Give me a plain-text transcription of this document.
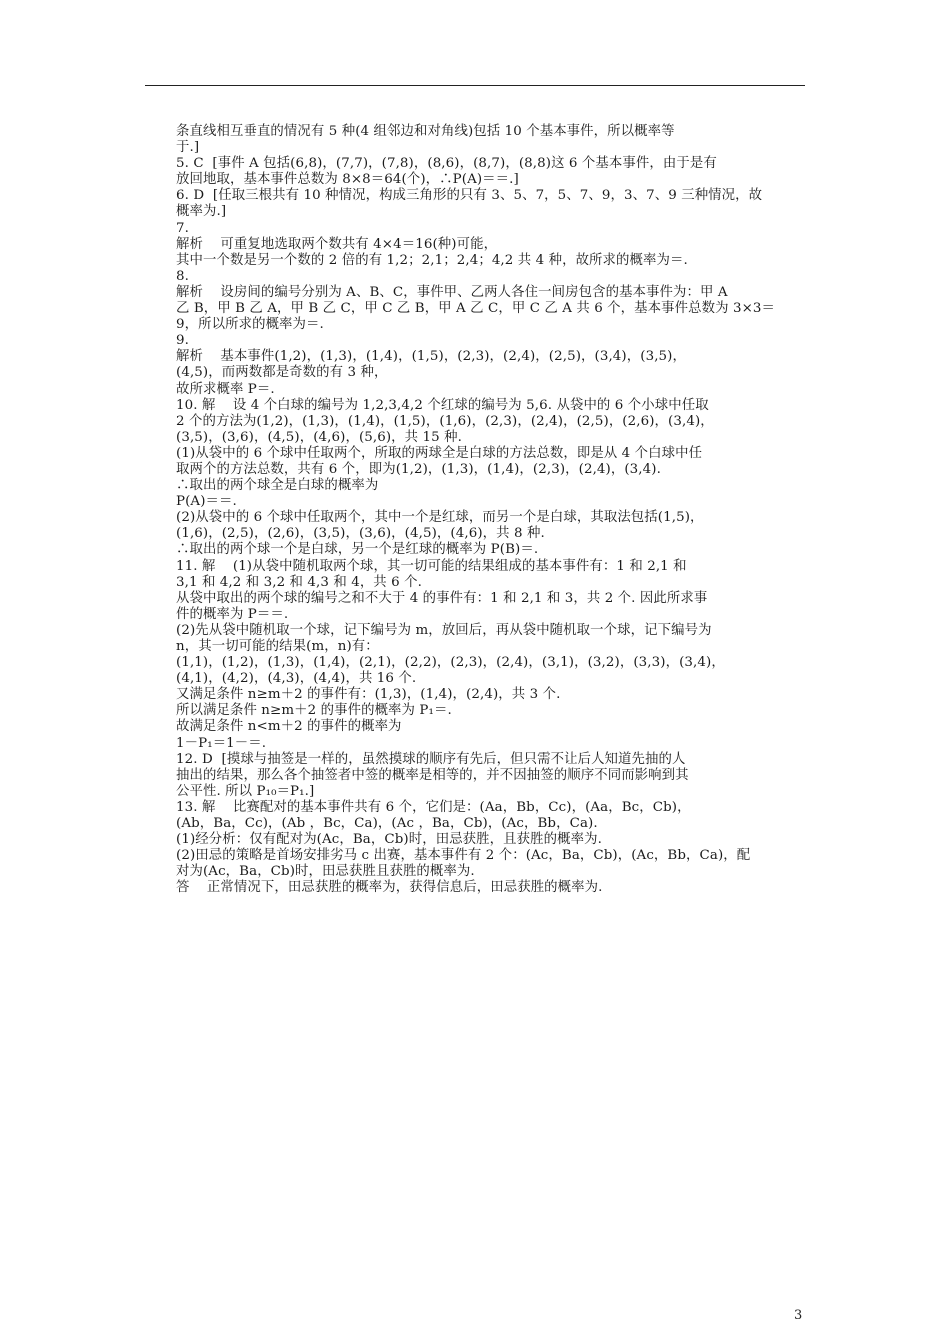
条直线相互垂直的情况有 5 种(4 组邻边和对角线)包括 10 个基本事件，所以概率等
于.]
5. C  [事件 A 包括(6,8)，(7,7)，(7,8)，(8,6)，(8,7)，(8,8)这 6 个基本事件，由于是有
放回地取，基本事件总数为 8×8＝64(个)，∴P(A)＝＝.]
6. D  [任取三根共有 10 种情况，构成三角形的只有 3、5、7，5、7、9，3、7、9 三种情况，故
概率为.]
7.
解析    可重复地选取两个数共有 4×4＝16(种)可能，
其中一个数是另一个数的 2 倍的有 1,2；2,1；2,4；4,2 共 4 种，故所求的概率为＝.
8.
解析    设房间的编号分别为 A、B、C，事件甲、乙两人各住一间房包含的基本事件为：甲 A
乙 B，甲 B 乙 A，甲 B 乙 C，甲 C 乙 B，甲 A 乙 C，甲 C 乙 A 共 6 个，基本事件总数为 3×3＝
9，所以所求的概率为＝.
9.
解析    基本事件(1,2)，(1,3)，(1,4)，(1,5)，(2,3)，(2,4)，(2,5)，(3,4)，(3,5)，
(4,5)，而两数都是奇数的有 3 种，
故所求概率 P＝.
10. 解    设 4 个白球的编号为 1,2,3,4,2 个红球的编号为 5,6. 从袋中的 6 个小球中任取
2 个的方法为(1,2)，(1,3)，(1,4)，(1,5)，(1,6)，(2,3)，(2,4)，(2,5)，(2,6)，(3,4)，
(3,5)，(3,6)，(4,5)，(4,6)，(5,6)，共 15 种.
(1)从袋中的 6 个球中任取两个，所取的两球全是白球的方法总数，即是从 4 个白球中任
取两个的方法总数，共有 6 个，即为(1,2)，(1,3)，(1,4)，(2,3)，(2,4)，(3,4).
∴取出的两个球全是白球的概率为
P(A)＝＝.
(2)从袋中的 6 个球中任取两个，其中一个是红球，而另一个是白球，其取法包括(1,5)，
(1,6)，(2,5)，(2,6)，(3,5)，(3,6)，(4,5)，(4,6)，共 8 种.
∴取出的两个球一个是白球，另一个是红球的概率为 P(B)＝.
11. 解    (1)从袋中随机取两个球，其一切可能的结果组成的基本事件有：1 和 2,1 和
3,1 和 4,2 和 3,2 和 4,3 和 4，共 6 个.
从袋中取出的两个球的编号之和不大于 4 的事件有：1 和 2,1 和 3，共 2 个. 因此所求事
件的概率为 P＝＝.
(2)先从袋中随机取一个球，记下编号为 m，放回后，再从袋中随机取一个球，记下编号为
n，其一切可能的结果(m，n)有：
(1,1)，(1,2)，(1,3)，(1,4)，(2,1)，(2,2)，(2,3)，(2,4)，(3,1)，(3,2)，(3,3)，(3,4)，
(4,1)，(4,2)，(4,3)，(4,4)，共 16 个.
又满足条件 n≥m＋2 的事件有：(1,3)，(1,4)，(2,4)，共 3 个.
所以满足条件 n≥m＋2 的事件的概率为 P₁＝.
故满足条件 n<m＋2 的事件的概率为
1－P₁＝1－＝.
12. D  [摸球与抽签是一样的，虽然摸球的顺序有先后，但只需不让后人知道先抽的人
抽出的结果，那么各个抽签者中签的概率是相等的，并不因抽签的顺序不同而影响到其
公平性. 所以 P₁₀＝P₁.]
13. 解    比赛配对的基本事件共有 6 个，它们是：(Aa，Bb，Cc)，(Aa，Bc，Cb)，
(Ab，Ba，Cc)，(Ab ，Bc，Ca)，(Ac ，Ba，Cb)，(Ac，Bb，Ca).
(1)经分析：仅有配对为(Ac，Ba，Cb)时，田忌获胜，且获胜的概率为.
(2)田忌的策略是首场安排劣马 c 出赛，基本事件有 2 个：(Ac，Ba，Cb)，(Ac，Bb，Ca)，配
对为(Ac，Ba，Cb)时，田忌获胜且获胜的概率为.
答    正常情况下，田忌获胜的概率为，获得信息后，田忌获胜的概率为.
3
